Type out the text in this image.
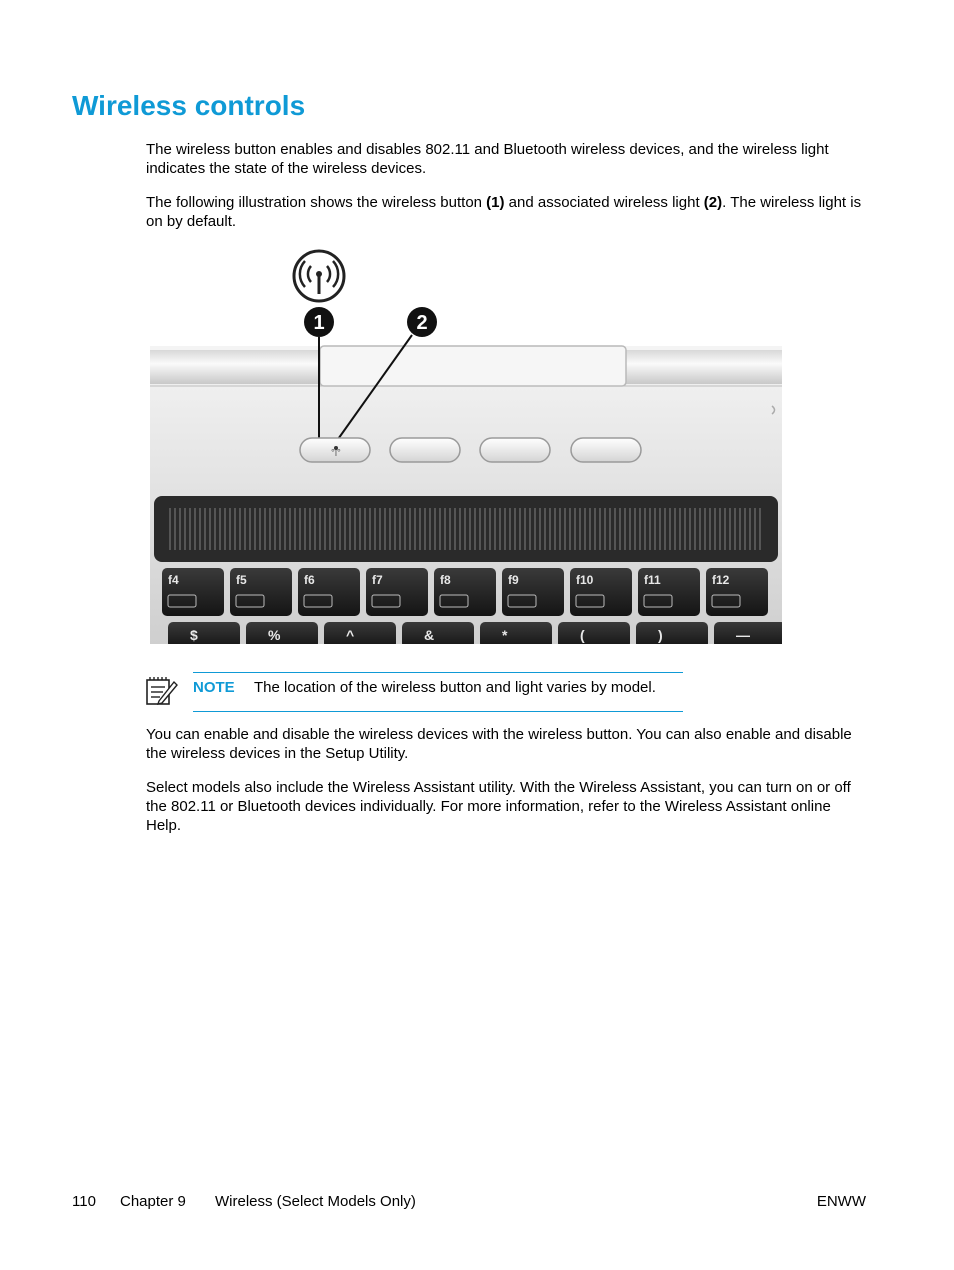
Wireless controls

The wireless button enables and disables 802.11 and Bluetooth wireless devices, and the wireless light indicates the state of the wireless devices.

The following illustration shows the wireless button (1) and associated wireless light (2). The wireless light is on by default.

1	2
ᵒ|ᵒ
f4	f5	f6	f7	f8	f9	f10	f11	f12
$	%	^	&	*	(	)	—
NOTE The location of the wireless button and light varies by model.

You can enable and disable the wireless devices with the wireless button. You can also enable and disable the wireless devices in the Setup Utility.

Select models also include the Wireless Assistant utility. With the Wireless Assistant, you can turn on or off the 802.11 or Bluetooth devices individually. For more information, refer to the Wireless Assistant online Help.

110 Chapter 9 Wireless (Select Models Only)	ENWW
